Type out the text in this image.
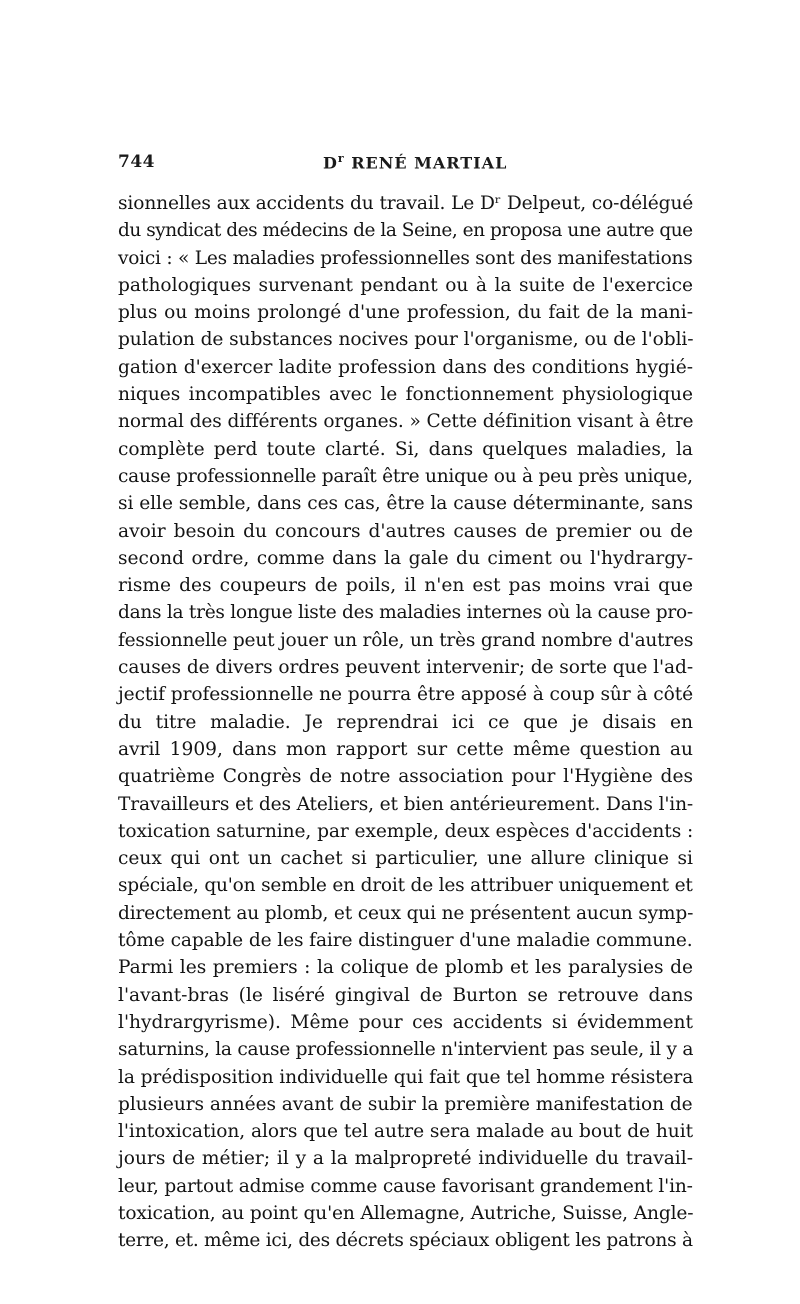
744	$D^r$ RENÉ MARTIAL
sionnelles aux accidents du travail. Le Dʳ Delpeut, co-délégué
du syndicat des médecins de la Seine, en proposa une autre que
voici : « Les maladies professionnelles sont des manifestations
pathologiques survenant pendant ou à la suite de l'exercice
plus ou moins prolongé d'une profession, du fait de la mani-
pulation de substances nocives pour l'organisme, ou de l'obli-
gation d'exercer ladite profession dans des conditions hygié-
niques incompatibles avec le fonctionnement physiologique
normal des différents organes. » Cette définition visant à être
complète perd toute clarté. Si, dans quelques maladies, la
cause professionnelle paraît être unique ou à peu près unique,
si elle semble, dans ces cas, être la cause déterminante, sans
avoir besoin du concours d'autres causes de premier ou de
second ordre, comme dans la gale du ciment ou l'hydrargy-
risme des coupeurs de poils, il n'en est pas moins vrai que
dans la très longue liste des maladies internes où la cause pro-
fessionnelle peut jouer un rôle, un très grand nombre d'autres
causes de divers ordres peuvent intervenir; de sorte que l'ad-
jectif professionnelle ne pourra être apposé à coup sûr à côté
du titre maladie. Je reprendrai ici ce que je disais en
avril 1909, dans mon rapport sur cette même question au
quatrième Congrès de notre association pour l'Hygiène des
Travailleurs et des Ateliers, et bien antérieurement. Dans l'in-
toxication saturnine, par exemple, deux espèces d'accidents :
ceux qui ont un cachet si particulier, une allure clinique si
spéciale, qu'on semble en droit de les attribuer uniquement et
directement au plomb, et ceux qui ne présentent aucun symp-
tôme capable de les faire distinguer d'une maladie commune.
Parmi les premiers : la colique de plomb et les paralysies de
l'avant-bras (le liséré gingival de Burton se retrouve dans
l'hydrargyrisme). Même pour ces accidents si évidemment
saturnins, la cause professionnelle n'intervient pas seule, il y a
la prédisposition individuelle qui fait que tel homme résistera
plusieurs années avant de subir la première manifestation de
l'intoxication, alors que tel autre sera malade au bout de huit
jours de métier; il y a la malpropreté individuelle du travail-
leur, partout admise comme cause favorisant grandement l'in-
toxication, au point qu'en Allemagne, Autriche, Suisse, Angle-
terre, et. même ici, des décrets spéciaux obligent les patrons à
